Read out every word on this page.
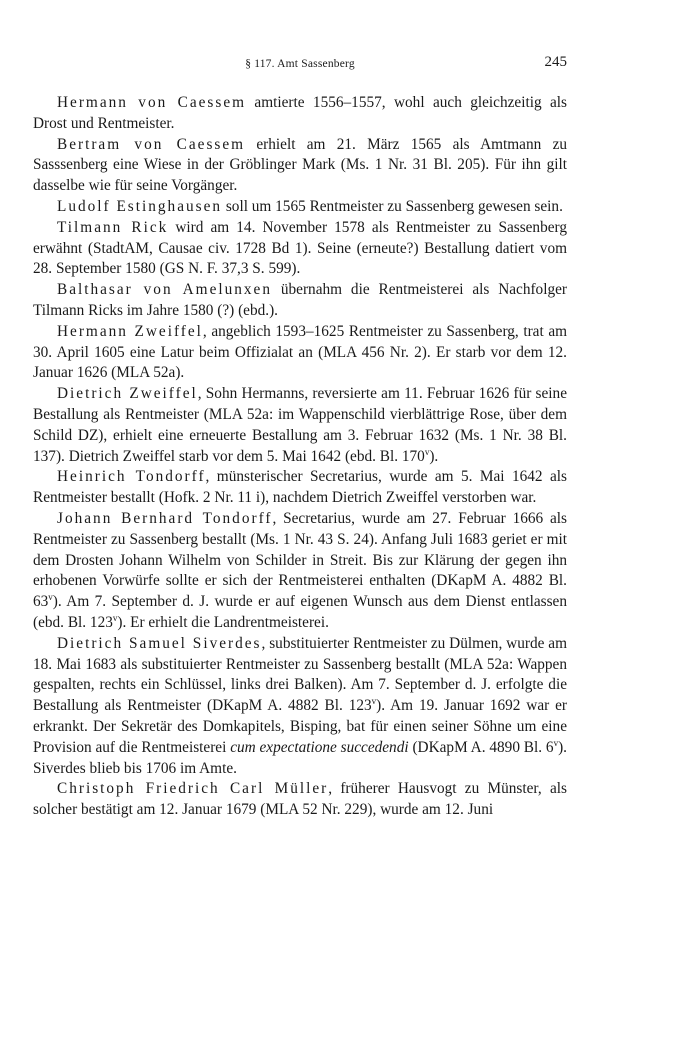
§ 117. Amt Sassenberg	245

Hermann von Caessem amtierte 1556–1557, wohl auch gleichzeitig als Drost und Rentmeister.

Bertram von Caessem erhielt am 21. März 1565 als Amtmann zu Sasssenberg eine Wiese in der Gröblinger Mark (Ms. 1 Nr. 31 Bl. 205). Für ihn gilt dasselbe wie für seine Vorgänger.

Ludolf Estinghausen soll um 1565 Rentmeister zu Sassenberg gewesen sein.

Tilmann Rick wird am 14. November 1578 als Rentmeister zu Sassenberg erwähnt (StadtAM, Causae civ. 1728 Bd 1). Seine (erneute?) Bestallung datiert vom 28. September 1580 (GS N. F. 37,3 S. 599).

Balthasar von Amelunxen übernahm die Rentmeisterei als Nachfolger Tilmann Ricks im Jahre 1580 (?) (ebd.).

Hermann Zweiffel, angeblich 1593–1625 Rentmeister zu Sassenberg, trat am 30. April 1605 eine Latur beim Offizialat an (MLA 456 Nr. 2). Er starb vor dem 12. Januar 1626 (MLA 52a).

Dietrich Zweiffel, Sohn Hermanns, reversierte am 11. Februar 1626 für seine Bestallung als Rentmeister (MLA 52a: im Wappenschild vierblättrige Rose, über dem Schild DZ), erhielt eine erneuerte Bestallung am 3. Februar 1632 (Ms. 1 Nr. 38 Bl. 137). Dietrich Zweiffel starb vor dem 5. Mai 1642 (ebd. Bl. 170$^v$).

Heinrich Tondorff, münsterischer Secretarius, wurde am 5. Mai 1642 als Rentmeister bestallt (Hofk. 2 Nr. 11 i), nachdem Dietrich Zweiffel verstorben war.

Johann Bernhard Tondorff, Secretarius, wurde am 27. Februar 1666 als Rentmeister zu Sassenberg bestallt (Ms. 1 Nr. 43 S. 24). Anfang Juli 1683 geriet er mit dem Drosten Johann Wilhelm von Schilder in Streit. Bis zur Klärung der gegen ihn erhobenen Vorwürfe sollte er sich der Rentmeisterei enthalten (DKapM A. 4882 Bl. 63$^v$). Am 7. September d. J. wurde er auf eigenen Wunsch aus dem Dienst entlassen (ebd. Bl. 123$^v$). Er erhielt die Landrentmeisterei.

Dietrich Samuel Siverdes, substituierter Rentmeister zu Dülmen, wurde am 18. Mai 1683 als substituierter Rentmeister zu Sassenberg bestallt (MLA 52a: Wappen gespalten, rechts ein Schlüssel, links drei Balken). Am 7. September d. J. erfolgte die Bestallung als Rentmeister (DKapM A. 4882 Bl. 123$^v$). Am 19. Januar 1692 war er erkrankt. Der Sekretär des Domkapitels, Bisping, bat für einen seiner Söhne um eine Provision auf die Rentmeisterei cum expectatione succedendi (DKapM A. 4890 Bl. 6$^v$). Siverdes blieb bis 1706 im Amte.

Christoph Friedrich Carl Müller, früherer Hausvogt zu Münster, als solcher bestätigt am 12. Januar 1679 (MLA 52 Nr. 229), wurde am 12. Juni
